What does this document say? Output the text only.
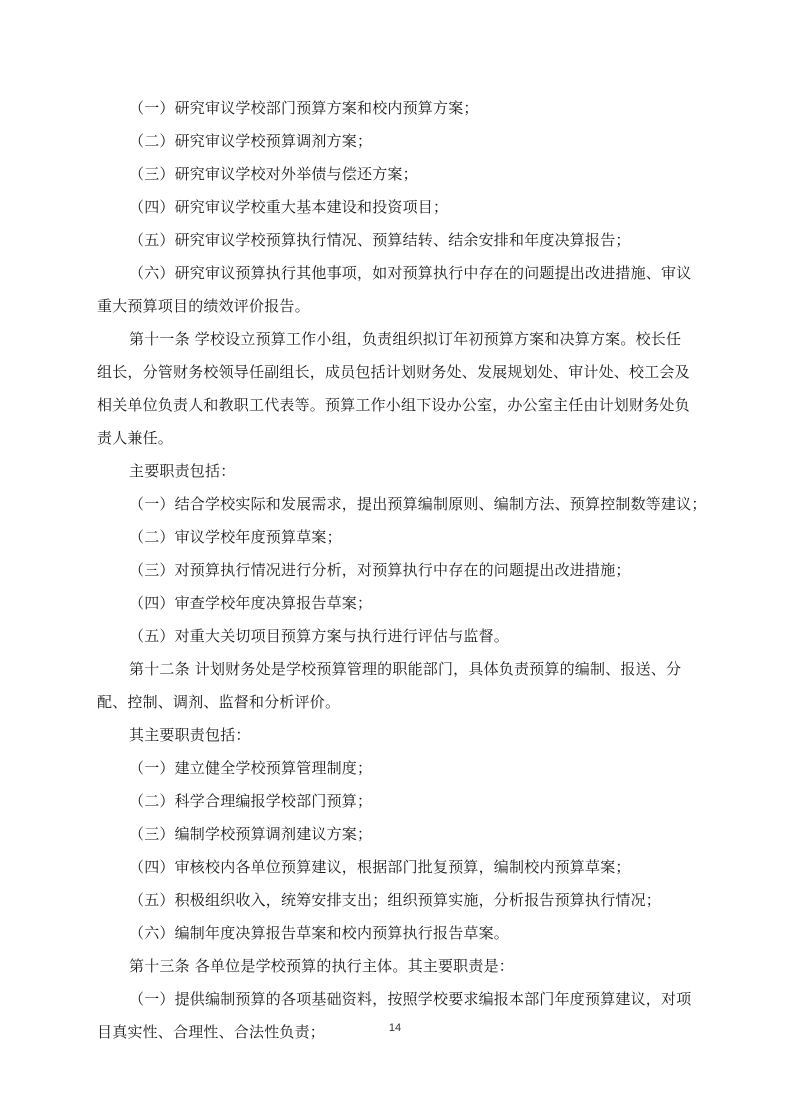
（一）研究审议学校部门预算方案和校内预算方案；
（二）研究审议学校预算调剂方案；
（三）研究审议学校对外举债与偿还方案；
（四）研究审议学校重大基本建设和投资项目；
（五）研究审议学校预算执行情况、预算结转、结余安排和年度决算报告；
（六）研究审议预算执行其他事项，如对预算执行中存在的问题提出改进措施、审议
重大预算项目的绩效评价报告。
第十一条 学校设立预算工作小组，负责组织拟订年初预算方案和决算方案。校长任
组长，分管财务校领导任副组长，成员包括计划财务处、发展规划处、审计处、校工会及
相关单位负责人和教职工代表等。预算工作小组下设办公室，办公室主任由计划财务处负
责人兼任。
主要职责包括：
（一）结合学校实际和发展需求，提出预算编制原则、编制方法、预算控制数等建议；
（二）审议学校年度预算草案；
（三）对预算执行情况进行分析，对预算执行中存在的问题提出改进措施；
（四）审查学校年度决算报告草案；
（五）对重大关切项目预算方案与执行进行评估与监督。
第十二条 计划财务处是学校预算管理的职能部门，具体负责预算的编制、报送、分
配、控制、调剂、监督和分析评价。
其主要职责包括：
（一）建立健全学校预算管理制度；
（二）科学合理编报学校部门预算；
（三）编制学校预算调剂建议方案；
（四）审核校内各单位预算建议，根据部门批复预算，编制校内预算草案；
（五）积极组织收入，统筹安排支出；组织预算实施，分析报告预算执行情况；
（六）编制年度决算报告草案和校内预算执行报告草案。
第十三条 各单位是学校预算的执行主体。其主要职责是：
（一）提供编制预算的各项基础资料，按照学校要求编报本部门年度预算建议，对项
目真实性、合理性、合法性负责；	14
